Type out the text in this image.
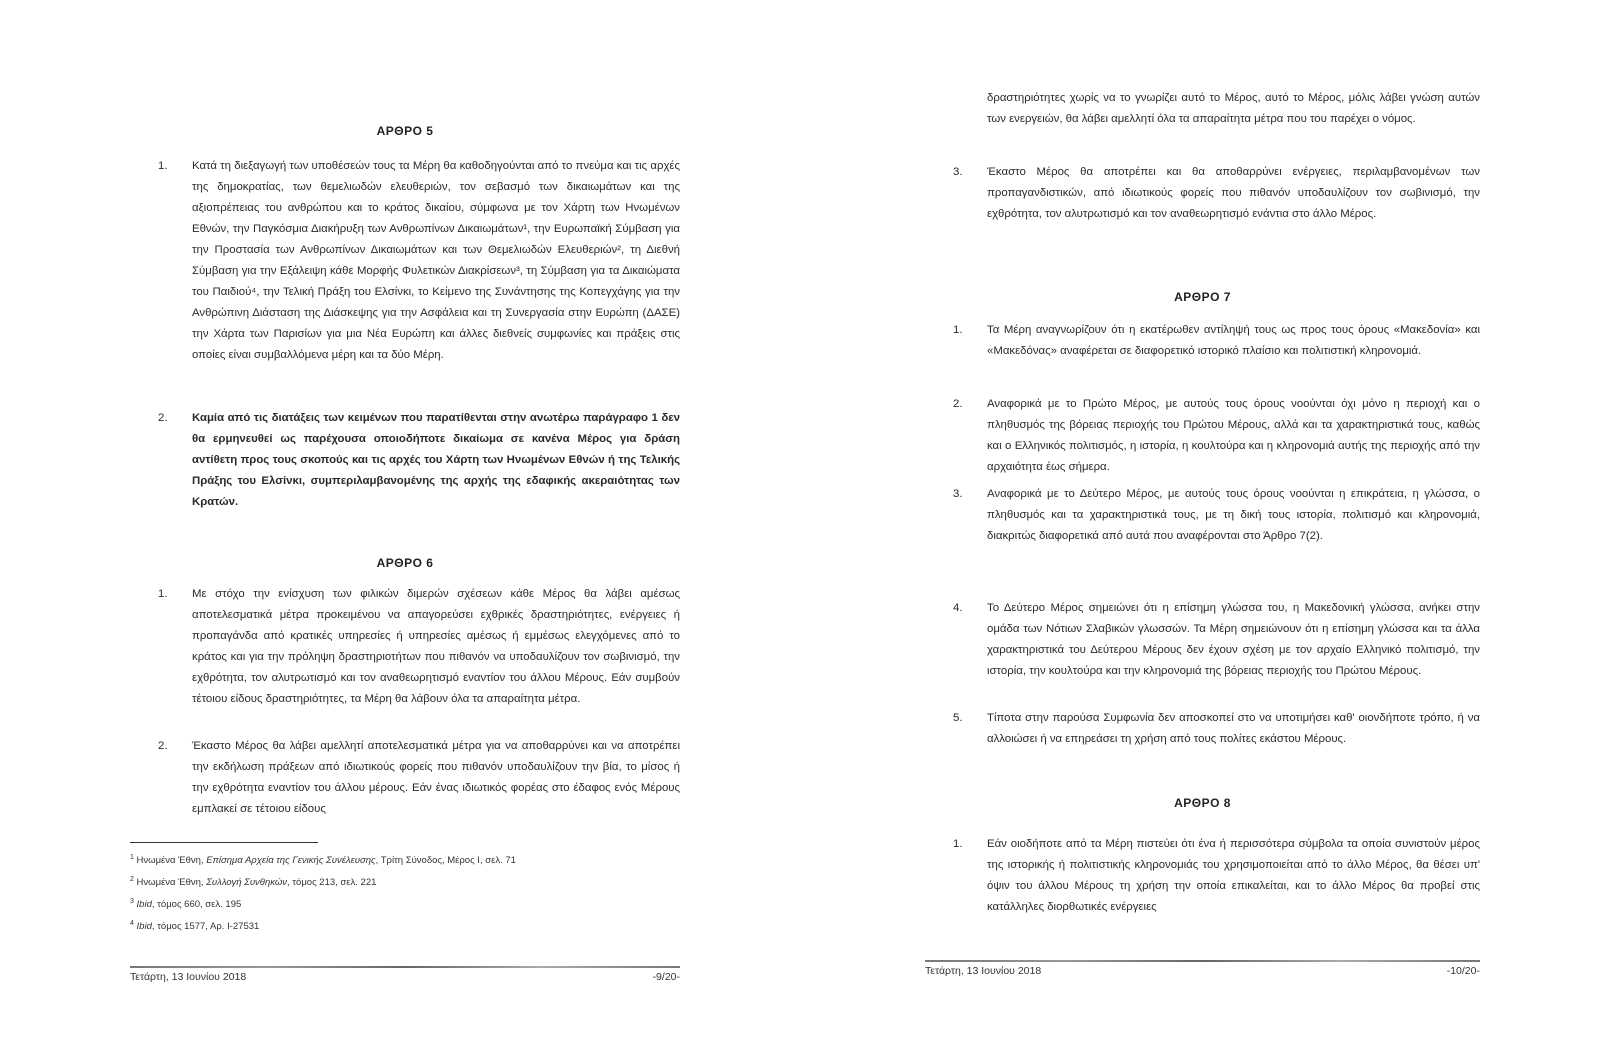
ΑΡΘΡΟ 5
1. Κατά τη διεξαγωγή των υποθέσεών τους τα Μέρη θα καθοδηγούνται από το πνεύμα και τις αρχές της δημοκρατίας, των θεμελιωδών ελευθεριών, τον σεβασμό των δικαιωμάτων και της αξιοπρέπειας του ανθρώπου και το κράτος δικαίου, σύμφωνα με τον Χάρτη των Ηνωμένων Εθνών, την Παγκόσμια Διακήρυξη των Ανθρωπίνων Δικαιωμάτων¹, την Ευρωπαϊκή Σύμβαση για την Προστασία των Ανθρωπίνων Δικαιωμάτων και των Θεμελιωδών Ελευθεριών², τη Διεθνή Σύμβαση για την Εξάλειψη κάθε Μορφής Φυλετικών Διακρίσεων³, τη Σύμβαση για τα Δικαιώματα του Παιδιού⁴, την Τελική Πράξη του Ελσίνκι, το Κείμενο της Συνάντησης της Κοπεγχάγης για την Ανθρώπινη Διάσταση της Διάσκεψης για την Ασφάλεια και τη Συνεργασία στην Ευρώπη (ΔΑΣΕ) την Χάρτα των Παρισίων για μια Νέα Ευρώπη και άλλες διεθνείς συμφωνίες και πράξεις στις οποίες είναι συμβαλλόμενα μέρη και τα δύο Μέρη.
2. Καμία από τις διατάξεις των κειμένων που παρατίθενται στην ανωτέρω παράγραφο 1 δεν θα ερμηνευθεί ως παρέχουσα οποιοδήποτε δικαίωμα σε κανένα Μέρος για δράση αντίθετη προς τους σκοπούς και τις αρχές του Χάρτη των Ηνωμένων Εθνών ή της Τελικής Πράξης του Ελσίνκι, συμπεριλαμβανομένης της αρχής της εδαφικής ακεραιότητας των Κρατών.
ΑΡΘΡΟ 6
1. Με στόχο την ενίσχυση των φιλικών διμερών σχέσεων κάθε Μέρος θα λάβει αμέσως αποτελεσματικά μέτρα προκειμένου να απαγορεύσει εχθρικές δραστηριότητες, ενέργειες ή προπαγάνδα από κρατικές υπηρεσίες ή υπηρεσίες αμέσως ή εμμέσως ελεγχόμενες από το κράτος και για την πρόληψη δραστηριοτήτων που πιθανόν να υποδαυλίζουν τον σωβινισμό, την εχθρότητα, τον αλυτρωτισμό και τον αναθεωρητισμό εναντίον του άλλου Μέρους. Εάν συμβούν τέτοιου είδους δραστηριότητες, τα Μέρη θα λάβουν όλα τα απαραίτητα μέτρα.
2. Έκαστο Μέρος θα λάβει αμελλητί αποτελεσματικά μέτρα για να αποθαρρύνει και να αποτρέπει την εκδήλωση πράξεων από ιδιωτικούς φορείς που πιθανόν υποδαυλίζουν την βία, το μίσος ή την εχθρότητα εναντίον του άλλου μέρους. Εάν ένας ιδιωτικός φορέας στο έδαφος ενός Μέρους εμπλακεί σε τέτοιου είδους
$^1$ Ηνωμένα Έθνη, Επίσημα Αρχεία της Γενικής Συνέλευσης, Τρίτη Σύνοδος, Μέρος Ι, σελ. 71
$^2$ Ηνωμένα Έθνη, Συλλογή Συνθηκών, τόμος 213, σελ. 221
$^3$ Ibid, τόμος 660, σελ. 195
$^4$ Ibid, τόμος 1577, Αρ. Ι-27531
Τετάρτη, 13 Ιουνίου 2018	-9/20-
δραστηριότητες χωρίς να το γνωρίζει αυτό το Μέρος, αυτό το Μέρος, μόλις λάβει γνώση αυτών των ενεργειών, θα λάβει αμελλητί όλα τα απαραίτητα μέτρα που του παρέχει ο νόμος.
3. Έκαστο Μέρος θα αποτρέπει και θα αποθαρρύνει ενέργειες, περιλαμβανομένων των προπαγανδιστικών, από ιδιωτικούς φορείς που πιθανόν υποδαυλίζουν τον σωβινισμό, την εχθρότητα, τον αλυτρωτισμό και τον αναθεωρητισμό ενάντια στο άλλο Μέρος.
ΑΡΘΡΟ 7
1. Τα Μέρη αναγνωρίζουν ότι η εκατέρωθεν αντίληψή τους ως προς τους όρους «Μακεδονία» και «Μακεδόνας» αναφέρεται σε διαφορετικό ιστορικό πλαίσιο και πολιτιστική κληρονομιά.
2. Αναφορικά με το Πρώτο Μέρος, με αυτούς τους όρους νοούνται όχι μόνο η περιοχή και ο πληθυσμός της βόρειας περιοχής του Πρώτου Μέρους, αλλά και τα χαρακτηριστικά τους, καθώς και ο Ελληνικός πολιτισμός, η ιστορία, η κουλτούρα και η κληρονομιά αυτής της περιοχής από την αρχαιότητα έως σήμερα.
3. Αναφορικά με το Δεύτερο Μέρος, με αυτούς τους όρους νοούνται η επικράτεια, η γλώσσα, ο πληθυσμός και τα χαρακτηριστικά τους, με τη δική τους ιστορία, πολιτισμό και κληρονομιά, διακριτώς διαφορετικά από αυτά που αναφέρονται στο Άρθρο 7(2).
4. Το Δεύτερο Μέρος σημειώνει ότι η επίσημη γλώσσα του, η Μακεδονική γλώσσα, ανήκει στην ομάδα των Νότιων Σλαβικών γλωσσών. Τα Μέρη σημειώνουν ότι η επίσημη γλώσσα και τα άλλα χαρακτηριστικά του Δεύτερου Μέρους δεν έχουν σχέση με τον αρχαίο Ελληνικό πολιτισμό, την ιστορία, την κουλτούρα και την κληρονομιά της βόρειας περιοχής του Πρώτου Μέρους.
5. Τίποτα στην παρούσα Συμφωνία δεν αποσκοπεί στο να υποτιμήσει καθ' οιονδήποτε τρόπο, ή να αλλοιώσει ή να επηρεάσει τη χρήση από τους πολίτες εκάστου Μέρους.
ΑΡΘΡΟ 8
1. Εάν οιοδήποτε από τα Μέρη πιστεύει ότι ένα ή περισσότερα σύμβολα τα οποία συνιστούν μέρος της ιστορικής ή πολιτιστικής κληρονομιάς του χρησιμοποιείται από το άλλο Μέρος, θα θέσει υπ' όψιν του άλλου Μέρους τη χρήση την οποία επικαλείται, και το άλλο Μέρος θα προβεί στις κατάλληλες διορθωτικές ενέργειες
Τετάρτη, 13 Ιουνίου 2018	-10/20-
